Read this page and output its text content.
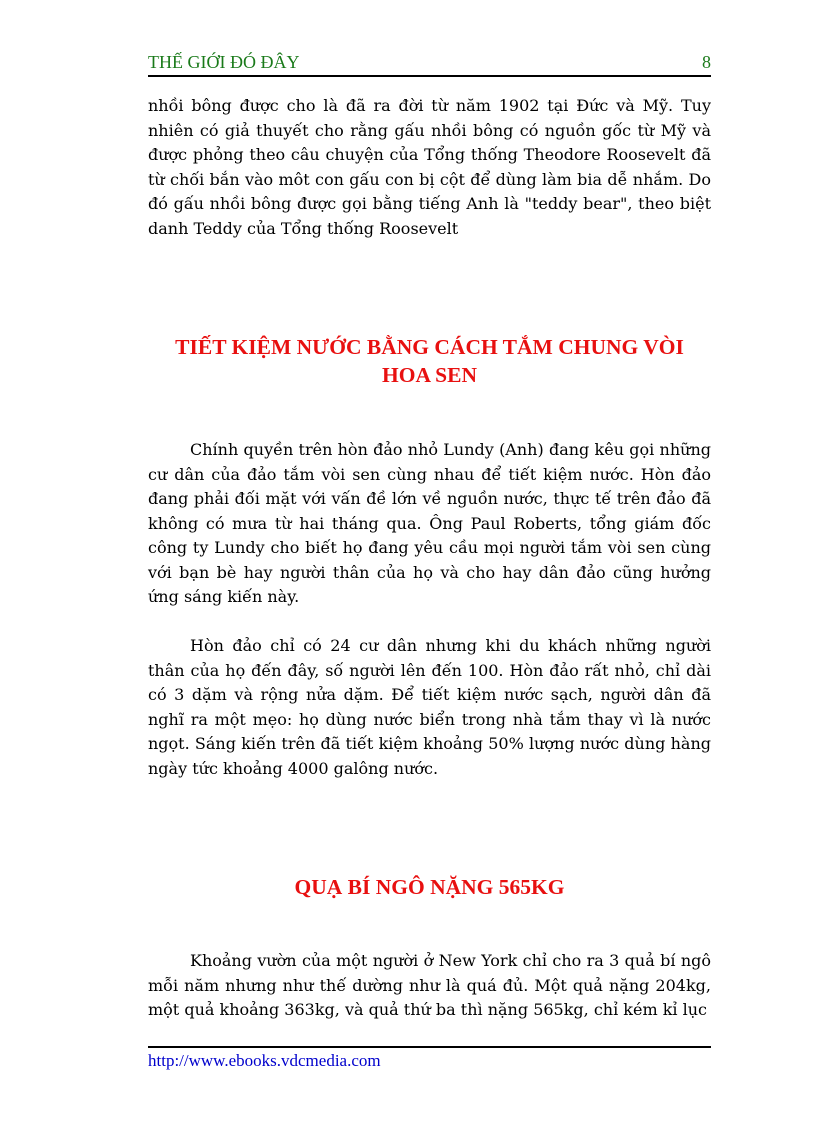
THẾ GIỚI ĐÓ ĐÂY	8

nhồi bông được cho là đã ra đời từ năm 1902 tại Đức và Mỹ. Tuy nhiên có giả thuyết cho rằng gấu nhồi bông có nguồn gốc từ Mỹ và được phỏng theo câu chuyện của Tổng thống Theodore Roosevelt đã từ chối bắn vào môt con gấu con bị cột để dùng làm bia dễ nhắm. Do đó gấu nhồi bông được gọi bằng tiếng Anh là "teddy bear", theo biệt danh Teddy của Tổng thống Roosevelt

TIẾT KIỆM NƯỚC BẰNG CÁCH TẮM CHUNG VÒI
HOA SEN

Chính quyền trên hòn đảo nhỏ Lundy (Anh) đang kêu gọi những cư dân của đảo tắm vòi sen cùng nhau để tiết kiệm nước. Hòn đảo đang phải đối mặt với vấn đề lớn về nguồn nước, thực tế trên đảo đã không có mưa từ hai tháng qua. Ông Paul Roberts, tổng giám đốc công ty Lundy cho biết họ đang yêu cầu mọi người tắm vòi sen cùng với bạn bè hay người thân của họ và cho hay dân đảo cũng hưởng ứng sáng kiến này.

Hòn đảo chỉ có 24 cư dân nhưng khi du khách những người thân của họ đến đây, số người lên đến 100. Hòn đảo rất nhỏ, chỉ dài có 3 dặm và rộng nửa dặm. Để tiết kiệm nước sạch, người dân đã nghĩ ra một mẹo: họ dùng nước biển trong nhà tắm thay vì là nước ngọt. Sáng kiến trên đã tiết kiệm khoảng 50% lượng nước dùng hàng ngày tức khoảng 4000 galông nước.

QUẠ BÍ NGÔ NẶNG 565KG

Khoảng vườn của một người ở New York chỉ cho ra 3 quả bí ngô mỗi năm nhưng như thế dường như là quá đủ. Một quả nặng 204kg, một quả khoảng 363kg, và quả thứ ba thì nặng 565kg, chỉ kém kỉ lục

http://www.ebooks.vdcmedia.com
